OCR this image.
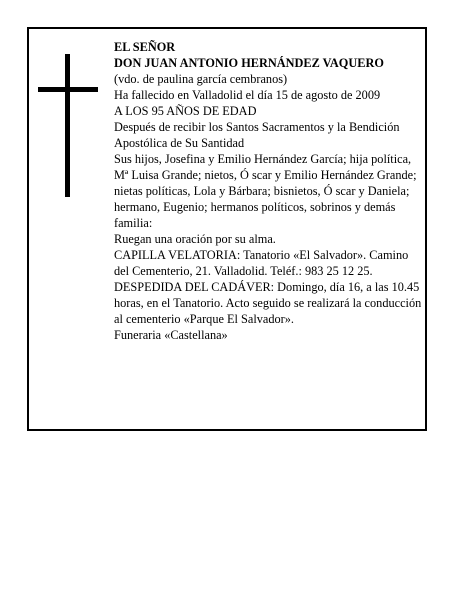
EL SEÑOR

DON JUAN ANTONIO HERNÁNDEZ VAQUERO

(vdo. de paulina garcía cembranos)

Ha fallecido en Valladolid el día 15 de agosto de 2009

A LOS 95 AÑOS DE EDAD

Después de recibir los Santos Sacramentos y la Bendición Apostólica de Su Santidad

Sus hijos, Josefina y Emilio Hernández García; hija política, Mª Luisa Grande; nietos, Ó scar y Emilio Hernández Grande; nietas políticas, Lola y Bárbara; bisnietos, Ó scar y Daniela; hermano, Eugenio; hermanos políticos, sobrinos y demás familia:

Ruegan una oración por su alma.

CAPILLA VELATORIA: Tanatorio «El Salvador». Camino del Cementerio, 21. Valladolid. Teléf.: 983 25 12 25.

DESPEDIDA DEL CADÁVER: Domingo, día 16, a las 10.45 horas, en el Tanatorio. Acto seguido se realizará la conducción al cementerio «Parque El Salvador».

Funeraria «Castellana»
